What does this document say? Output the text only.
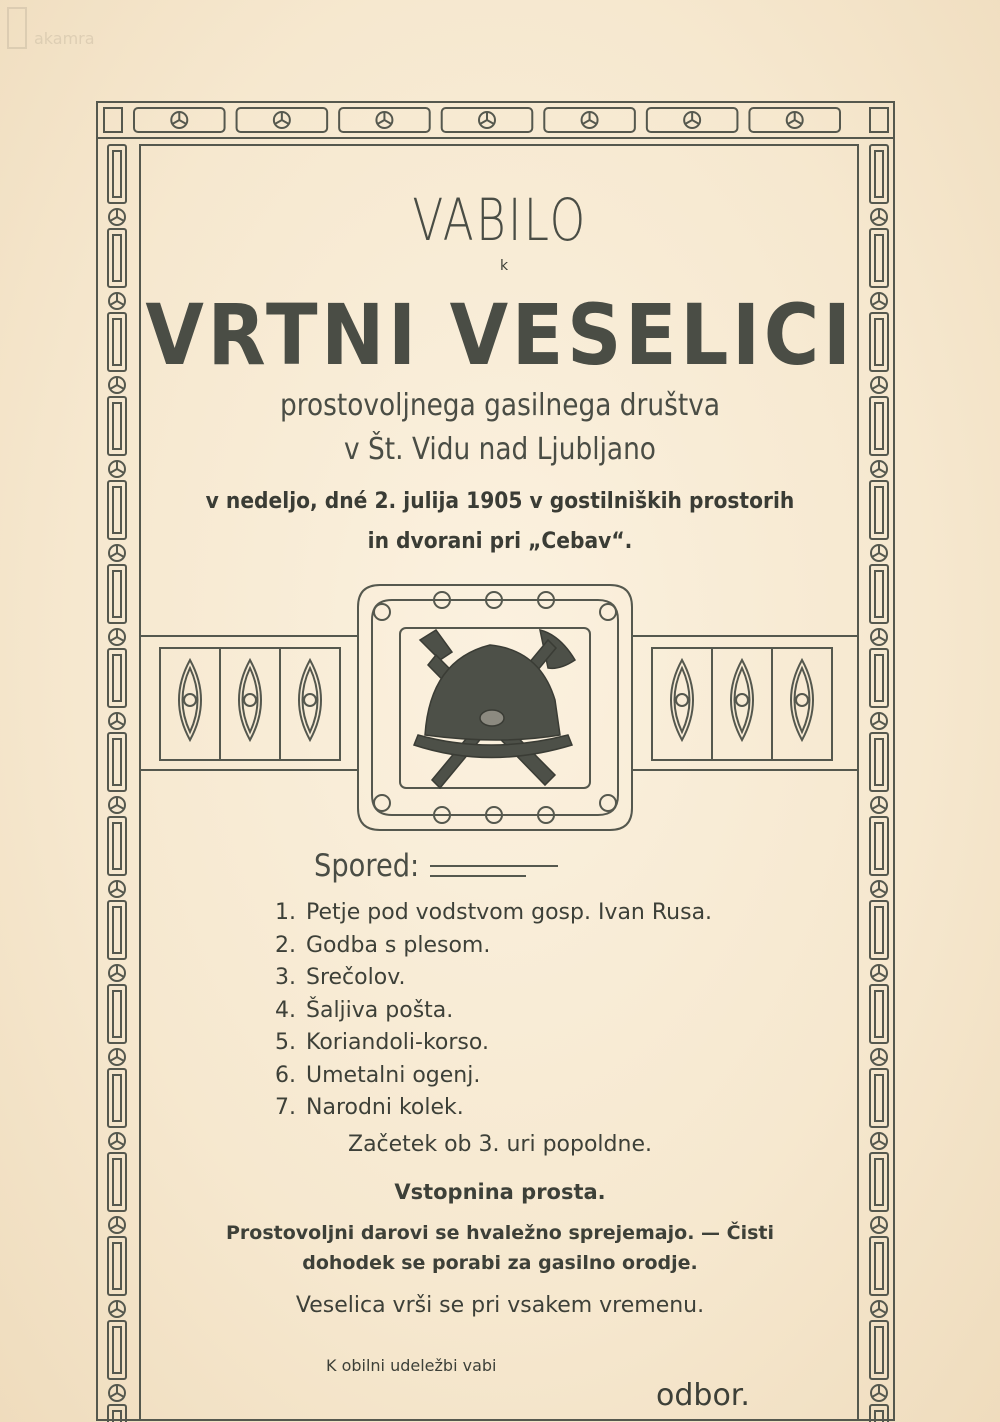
akamra
VABILO
k
VRTNI VESELICI
prostovoljnega gasilnega društva
v Št. Vidu nad Ljubljano
v nedeljo, dné 2. julija 1905 v gostilniških prostorih
in dvorani pri „Cebav“.
Spored:
1. Petje pod vodstvom gosp. Ivan Rusa.
2. Godba s plesom.
3. Srečolov.
4. Šaljiva pošta.
5. Koriandoli-korso.
6. Umetalni ogenj.
7. Narodni kolek.
Začetek ob 3. uri popoldne.
Vstopnina prosta.
Prostovoljni darovi se hvaležno sprejemajo. — Čisti
dohodek se porabi za gasilno orodje.
Veselica vrši se pri vsakem vremenu.
K obilni udeležbi vabi
odbor.
